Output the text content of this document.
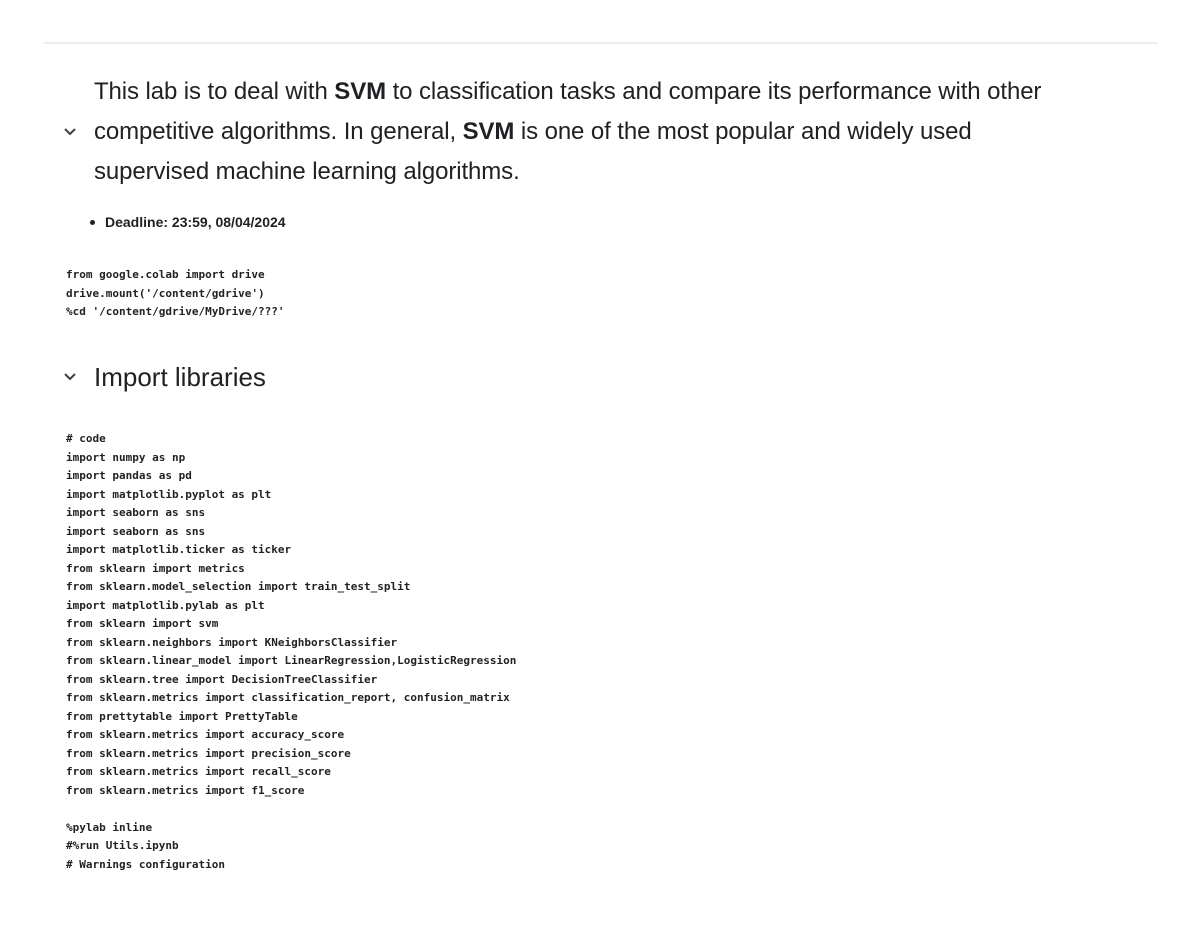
This lab is to deal with SVM to classification tasks and compare its performance with other competitive algorithms. In general, SVM is one of the most popular and widely used supervised machine learning algorithms.
Deadline: 23:59, 08/04/2024
from google.colab import drive
drive.mount('/content/gdrive')
%cd '/content/gdrive/MyDrive/???'
Import libraries
# code
import numpy as np
import pandas as pd
import matplotlib.pyplot as plt
import seaborn as sns
import seaborn as sns
import matplotlib.ticker as ticker
from sklearn import metrics
from sklearn.model_selection import train_test_split
import matplotlib.pylab as plt
from sklearn import svm
from sklearn.neighbors import KNeighborsClassifier
from sklearn.linear_model import LinearRegression,LogisticRegression
from sklearn.tree import DecisionTreeClassifier
from sklearn.metrics import classification_report, confusion_matrix
from prettytable import PrettyTable
from sklearn.metrics import accuracy_score
from sklearn.metrics import precision_score
from sklearn.metrics import recall_score
from sklearn.metrics import f1_score

%pylab inline
#%run Utils.ipynb
# Warnings configuration
